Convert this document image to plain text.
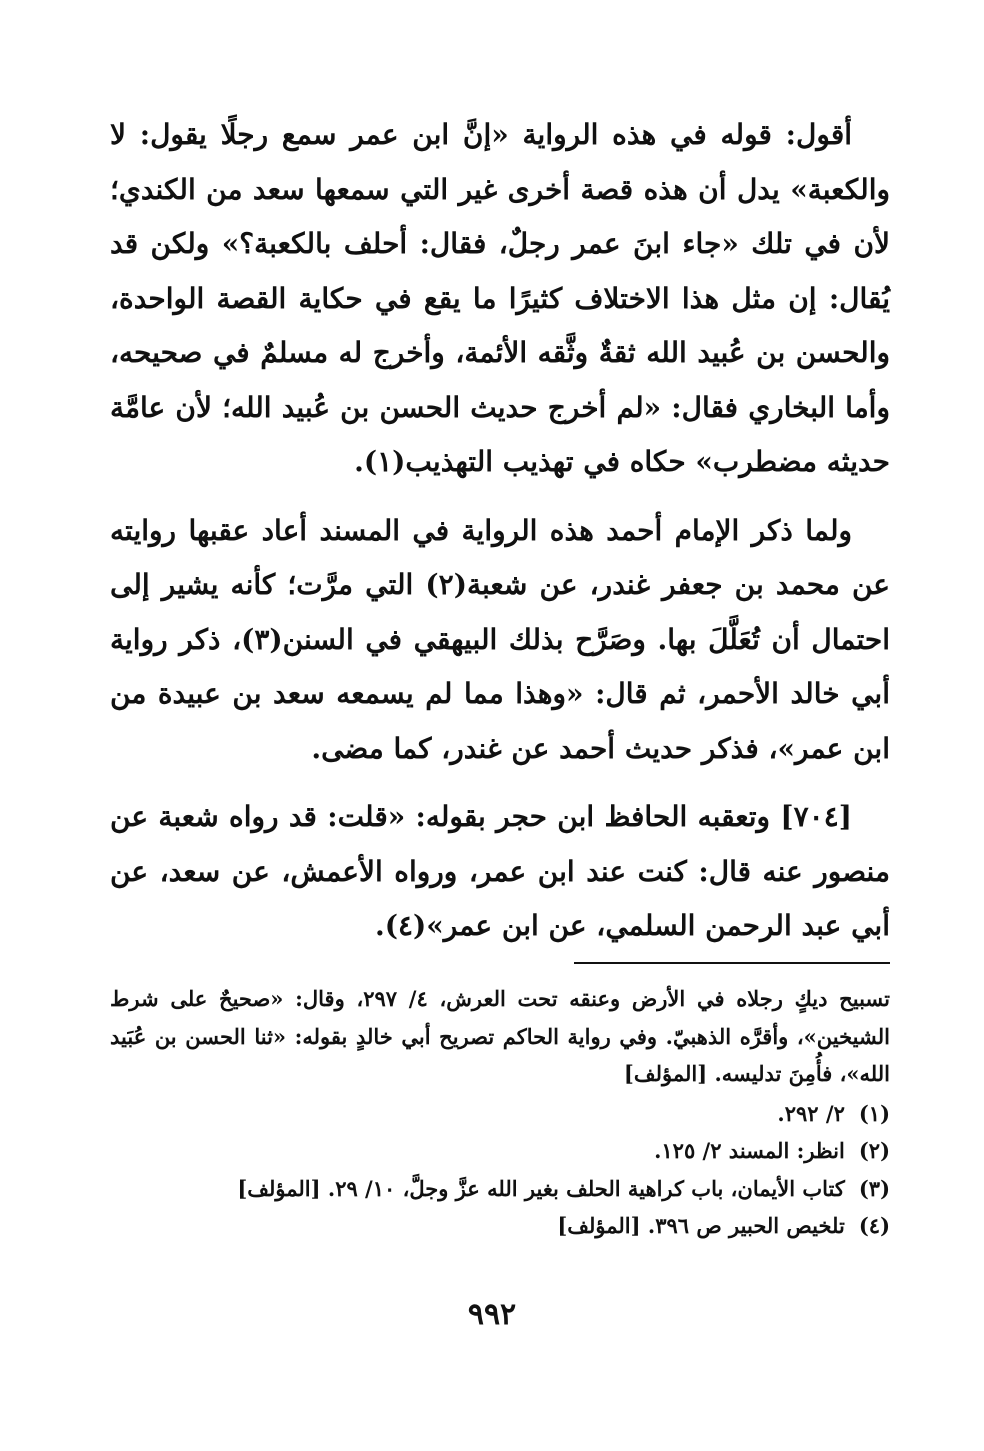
أقول: قوله في هذه الرواية «إنَّ ابن عمر سمع رجلًا يقول: لا والكعبة» يدل أن هذه قصة أخرى غير التي سمعها سعد من الكندي؛ لأن في تلك «جاء ابنَ عمر رجلٌ، فقال: أحلف بالكعبة؟» ولكن قد يُقال: إن مثل هذا الاختلاف كثيرًا ما يقع في حكاية القصة الواحدة، والحسن بن عُبيد الله ثقةٌ وثَّقه الأئمة، وأخرج له مسلمٌ في صحيحه، وأما البخاري فقال: «لم أخرج حديث الحسن بن عُبيد الله؛ لأن عامَّة حديثه مضطرب» حكاه في تهذيب التهذيب(١).

ولما ذكر الإمام أحمد هذه الرواية في المسند أعاد عقبها روايته عن محمد بن جعفر غندر، عن شعبة(٢) التي مرَّت؛ كأنه يشير إلى احتمال أن تُعَلَّلَ بها. وصَرَّح بذلك البيهقي في السنن(٣)، ذكر رواية أبي خالد الأحمر، ثم قال: «وهذا مما لم يسمعه سعد بن عبيدة من ابن عمر»، فذكر حديث أحمد عن غندر، كما مضى.

[٧٠٤] وتعقبه الحافظ ابن حجر بقوله: «قلت: قد رواه شعبة عن منصور عنه قال: كنت عند ابن عمر، ورواه الأعمش، عن سعد، عن أبي عبد الرحمن السلمي، عن ابن عمر»(٤).

تسبيح ديكٍ رجلاه في الأرض وعنقه تحت العرش، ٤/ ٢٩٧، وقال: «صحيحٌ على شرط الشيخين»، وأقرَّه الذهبيّ. وفي رواية الحاكم تصريح أبي خالدٍ بقوله: «ثنا الحسن بن عُبَيد الله»، فأُمِنَ تدليسه. [المؤلف]

(١)
٢/ ٢٩٢.

(٢)
انظر: المسند ٢/ ١٢٥.

(٣)
كتاب الأيمان، باب كراهية الحلف بغير الله عزَّ وجلَّ، ١٠/ ٢٩. [المؤلف]

(٤)
تلخيص الحبير ص ٣٩٦. [المؤلف]

٩٩٢
